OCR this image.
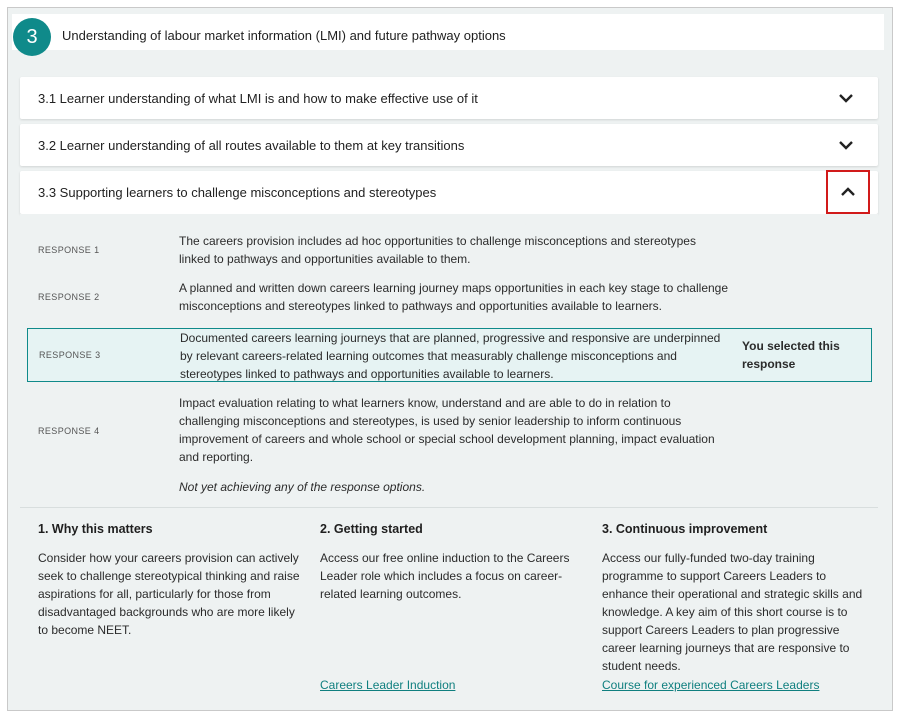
3	Understanding of labour market information (LMI) and future pathway options
3.1 Learner understanding of what LMI is and how to make effective use of it
3.2 Learner understanding of all routes available to them at key transitions
3.3 Supporting learners to challenge misconceptions and stereotypes
RESPONSE 1
The careers provision includes ad hoc opportunities to challenge misconceptions and stereotypes linked to pathways and opportunities available to them.
RESPONSE 2
A planned and written down careers learning journey maps opportunities in each key stage to challenge misconceptions and stereotypes linked to pathways and opportunities available to learners.
RESPONSE 3
Documented careers learning journeys that are planned, progressive and responsive are underpinned by relevant careers-related learning outcomes that measurably challenge misconceptions and stereotypes linked to pathways and opportunities available to learners.
You selected this response
RESPONSE 4
Impact evaluation relating to what learners know, understand and are able to do in relation to challenging misconceptions and stereotypes, is used by senior leadership to inform continuous improvement of careers and whole school or special school development planning, impact evaluation and reporting.
Not yet achieving any of the response options.
1. Why this matters
Consider how your careers provision can actively seek to challenge stereotypical thinking and raise aspirations for all, particularly for those from disadvantaged backgrounds who are more likely to become NEET.
2. Getting started
Access our free online induction to the Careers Leader role which includes a focus on career-related learning outcomes.
3. Continuous improvement
Access our fully-funded two-day training programme to support Careers Leaders to enhance their operational and strategic skills and knowledge. A key aim of this short course is to support Careers Leaders to plan progressive career learning journeys that are responsive to student needs.
Careers Leader Induction	Course for experienced Careers Leaders
